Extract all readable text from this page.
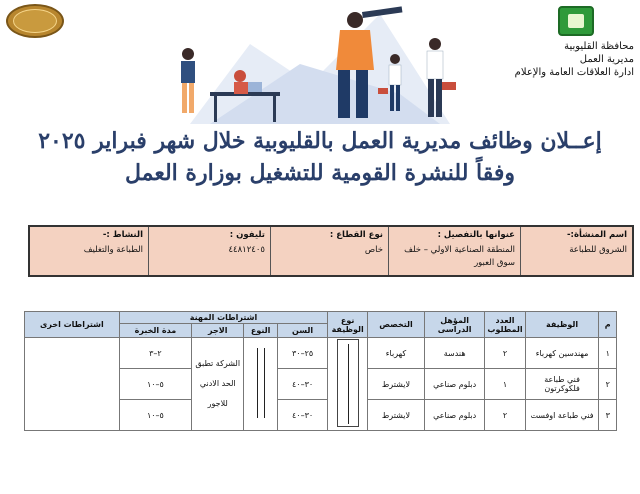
محافظة القليوبية
مديرية العمل
ادارة العلاقات العامة والإعلام
إعــلان وظائف مديرية العمل بالقليوبية خلال شهر فبراير ٢٠٢٥
وفقاً للنشرة القومية للتشغيل بوزارة العمل
اسم المنشأة:-
الشروق للطباعة
عنوانها بالتفصيل :
المنطقة الصناعية الاولي – خلف سوق العبور
نوع القطاع :
خاص
تليفون :
٤٤٨١٢٤٠٥
النشاط :-
الطباعة والتغليف
م	الوظيفة	العدد المطلوب	المؤهل الدراسى	التخصص	نوع الوظيفة	اشتراطات المهنة				اشتراطات اخرى
						السن	النوع	الاجر	مدة الخبرة	
١	مهندسين كهرباء	٢	هندسة	كهرباء		٢٥–٣٠		الشركة تطبق الحد الادني للاجور	٢–٣	
٢	فني طباعة فلكوكرتون	١	دبلوم صناعي	لايشترط		٣٠–٤٠			٥–١٠	
٣	فني طباعة اوفست	٢	دبلوم صناعي	لايشترط		٣٠–٤٠			٥–١٠	
